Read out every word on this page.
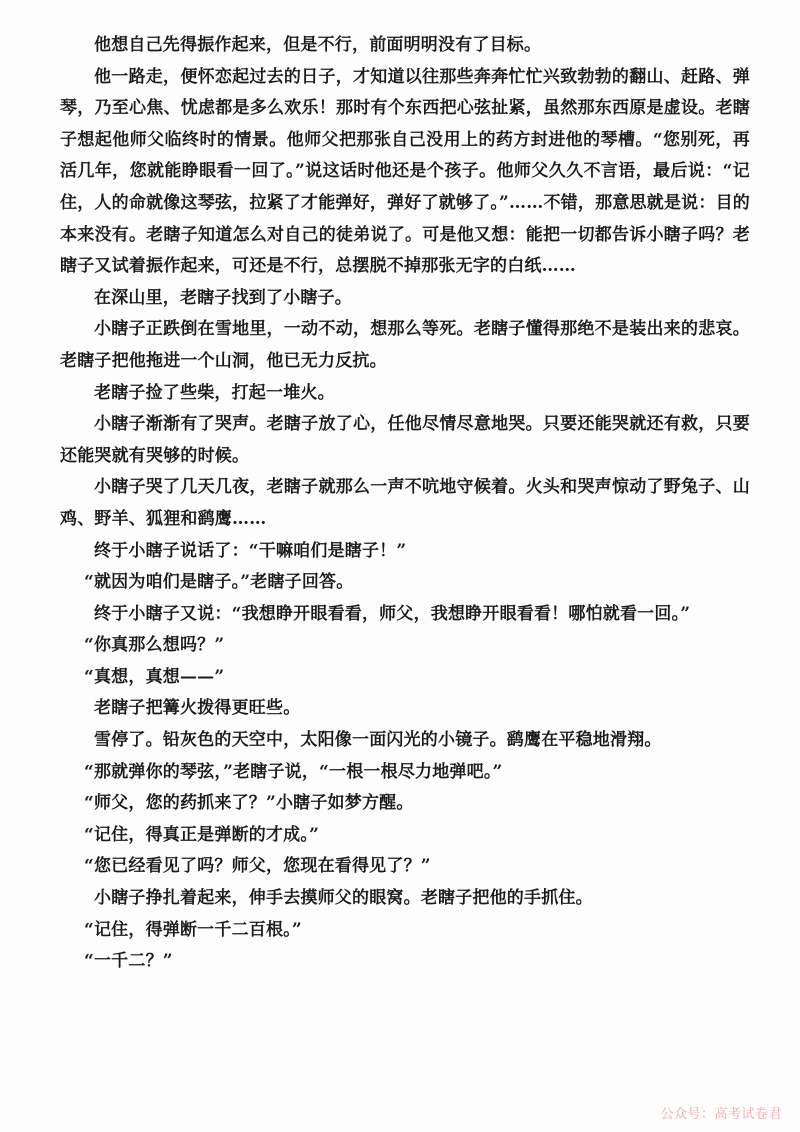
他想自己先得振作起来，但是不行，前面明明没有了目标。

他一路走，便怀恋起过去的日子，才知道以往那些奔奔忙忙兴致勃勃的翻山、赶路、弹琴，乃至心焦、忧虑都是多么欢乐！那时有个东西把心弦扯紧，虽然那东西原是虚设。老瞎子想起他师父临终时的情景。他师父把那张自己没用上的药方封进他的琴槽。“您别死，再活几年，您就能睁眼看一回了。”说这话时他还是个孩子。他师父久久不言语，最后说：“记住，人的命就像这琴弦，拉紧了才能弹好，弹好了就够了。”……不错，那意思就是说：目的本来没有。老瞎子知道怎么对自己的徒弟说了。可是他又想：能把一切都告诉小瞎子吗？老瞎子又试着振作起来，可还是不行，总摆脱不掉那张无字的白纸……

在深山里，老瞎子找到了小瞎子。

小瞎子正跌倒在雪地里，一动不动，想那么等死。老瞎子懂得那绝不是装出来的悲哀。老瞎子把他拖进一个山洞，他已无力反抗。

老瞎子捡了些柴，打起一堆火。

小瞎子渐渐有了哭声。老瞎子放了心，任他尽情尽意地哭。只要还能哭就还有救，只要还能哭就有哭够的时候。

小瞎子哭了几天几夜，老瞎子就那么一声不吭地守候着。火头和哭声惊动了野兔子、山鸡、野羊、狐狸和鹞鹰……

终于小瞎子说话了：“干嘛咱们是瞎子！”

“就因为咱们是瞎子。”老瞎子回答。

终于小瞎子又说：“我想睁开眼看看，师父，我想睁开眼看看！哪怕就看一回。”

“你真那么想吗？”

“真想，真想——”

老瞎子把篝火拨得更旺些。

雪停了。铅灰色的天空中，太阳像一面闪光的小镜子。鹞鹰在平稳地滑翔。

“那就弹你的琴弦，”老瞎子说，“一根一根尽力地弹吧。”

“师父，您的药抓来了？”小瞎子如梦方醒。

“记住，得真正是弹断的才成。”

“您已经看见了吗？师父，您现在看得见了？”

小瞎子挣扎着起来，伸手去摸师父的眼窝。老瞎子把他的手抓住。

“记住，得弹断一千二百根。”

“一千二？”

公众号：高考试卷君
